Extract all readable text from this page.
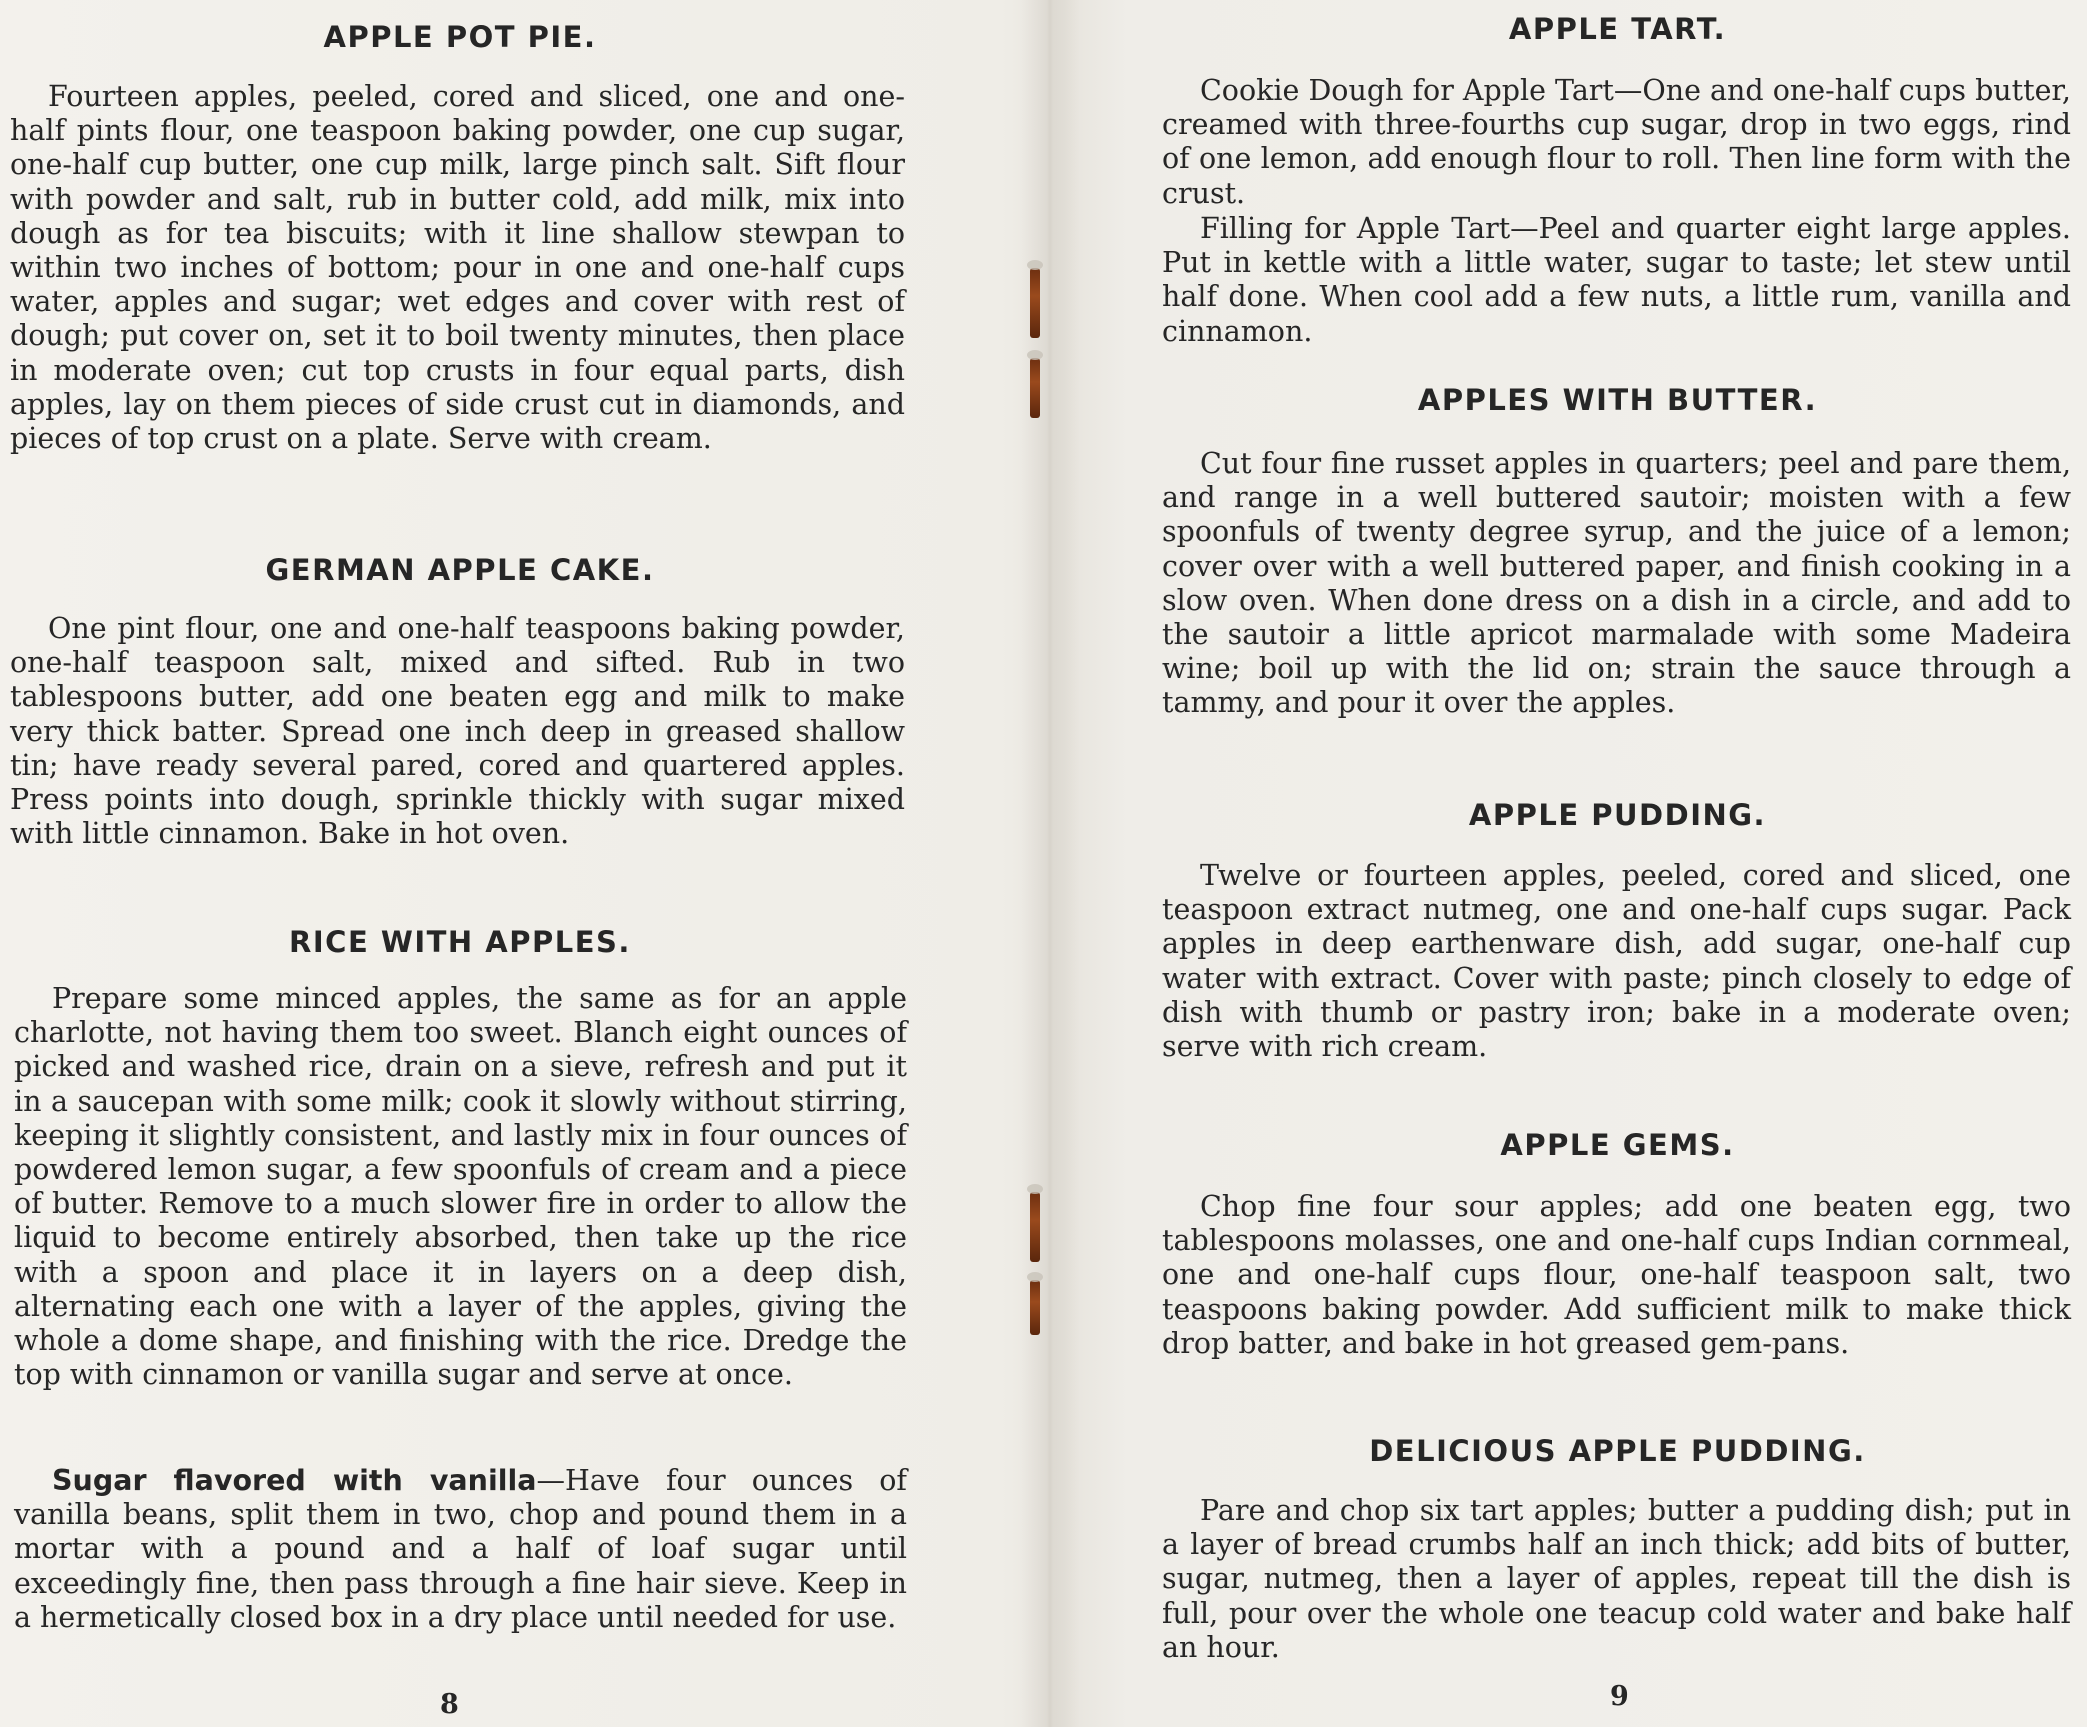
APPLE POT PIE.

Fourteen apples, peeled, cored and sliced, one and one-half pints flour, one teaspoon baking powder, one cup sugar, one-half cup butter, one cup milk, large pinch salt. Sift flour with powder and salt, rub in butter cold, add milk, mix into dough as for tea biscuits; with it line shallow stewpan to within two inches of bottom; pour in one and one-half cups water, apples and sugar; wet edges and cover with rest of dough; put cover on, set it to boil twenty minutes, then place in moderate oven; cut top crusts in four equal parts, dish apples, lay on them pieces of side crust cut in diamonds, and pieces of top crust on a plate. Serve with cream.

GERMAN APPLE CAKE.

One pint flour, one and one-half teaspoons baking powder, one-half teaspoon salt, mixed and sifted. Rub in two tablespoons butter, add one beaten egg and milk to make very thick batter. Spread one inch deep in greased shallow tin; have ready several pared, cored and quartered apples. Press points into dough, sprinkle thickly with sugar mixed with little cinnamon. Bake in hot oven.

RICE WITH APPLES.

Prepare some minced apples, the same as for an apple charlotte, not having them too sweet. Blanch eight ounces of picked and washed rice, drain on a sieve, refresh and put it in a saucepan with some milk; cook it slowly without stirring, keeping it slightly consistent, and lastly mix in four ounces of powdered lemon sugar, a few spoonfuls of cream and a piece of butter. Remove to a much slower fire in order to allow the liquid to become entirely absorbed, then take up the rice with a spoon and place it in layers on a deep dish, alternating each one with a layer of the apples, giving the whole a dome shape, and finishing with the rice. Dredge the top with cinnamon or vanilla sugar and serve at once.

Sugar flavored with vanilla—Have four ounces of vanilla beans, split them in two, chop and pound them in a mortar with a pound and a half of loaf sugar until exceedingly fine, then pass through a fine hair sieve. Keep in a hermetically closed box in a dry place until needed for use.

8
APPLE TART.

Cookie Dough for Apple Tart—One and one-half cups butter, creamed with three-fourths cup sugar, drop in two eggs, rind of one lemon, add enough flour to roll. Then line form with the crust.

Filling for Apple Tart—Peel and quarter eight large apples. Put in kettle with a little water, sugar to taste; let stew until half done. When cool add a few nuts, a little rum, vanilla and cinnamon.

APPLES WITH BUTTER.

Cut four fine russet apples in quarters; peel and pare them, and range in a well buttered sautoir; moisten with a few spoonfuls of twenty degree syrup, and the juice of a lemon; cover over with a well buttered paper, and finish cooking in a slow oven. When done dress on a dish in a circle, and add to the sautoir a little apricot marmalade with some Madeira wine; boil up with the lid on; strain the sauce through a tammy, and pour it over the apples.

APPLE PUDDING.

Twelve or fourteen apples, peeled, cored and sliced, one teaspoon extract nutmeg, one and one-half cups sugar. Pack apples in deep earthenware dish, add sugar, one-half cup water with extract. Cover with paste; pinch closely to edge of dish with thumb or pastry iron; bake in a moderate oven; serve with rich cream.

APPLE GEMS.

Chop fine four sour apples; add one beaten egg, two tablespoons molasses, one and one-half cups Indian cornmeal, one and one-half cups flour, one-half teaspoon salt, two teaspoons baking powder. Add sufficient milk to make thick drop batter, and bake in hot greased gem-pans.

DELICIOUS APPLE PUDDING.

Pare and chop six tart apples; butter a pudding dish; put in a layer of bread crumbs half an inch thick; add bits of butter, sugar, nutmeg, then a layer of apples, repeat till the dish is full, pour over the whole one teacup cold water and bake half an hour.

9
